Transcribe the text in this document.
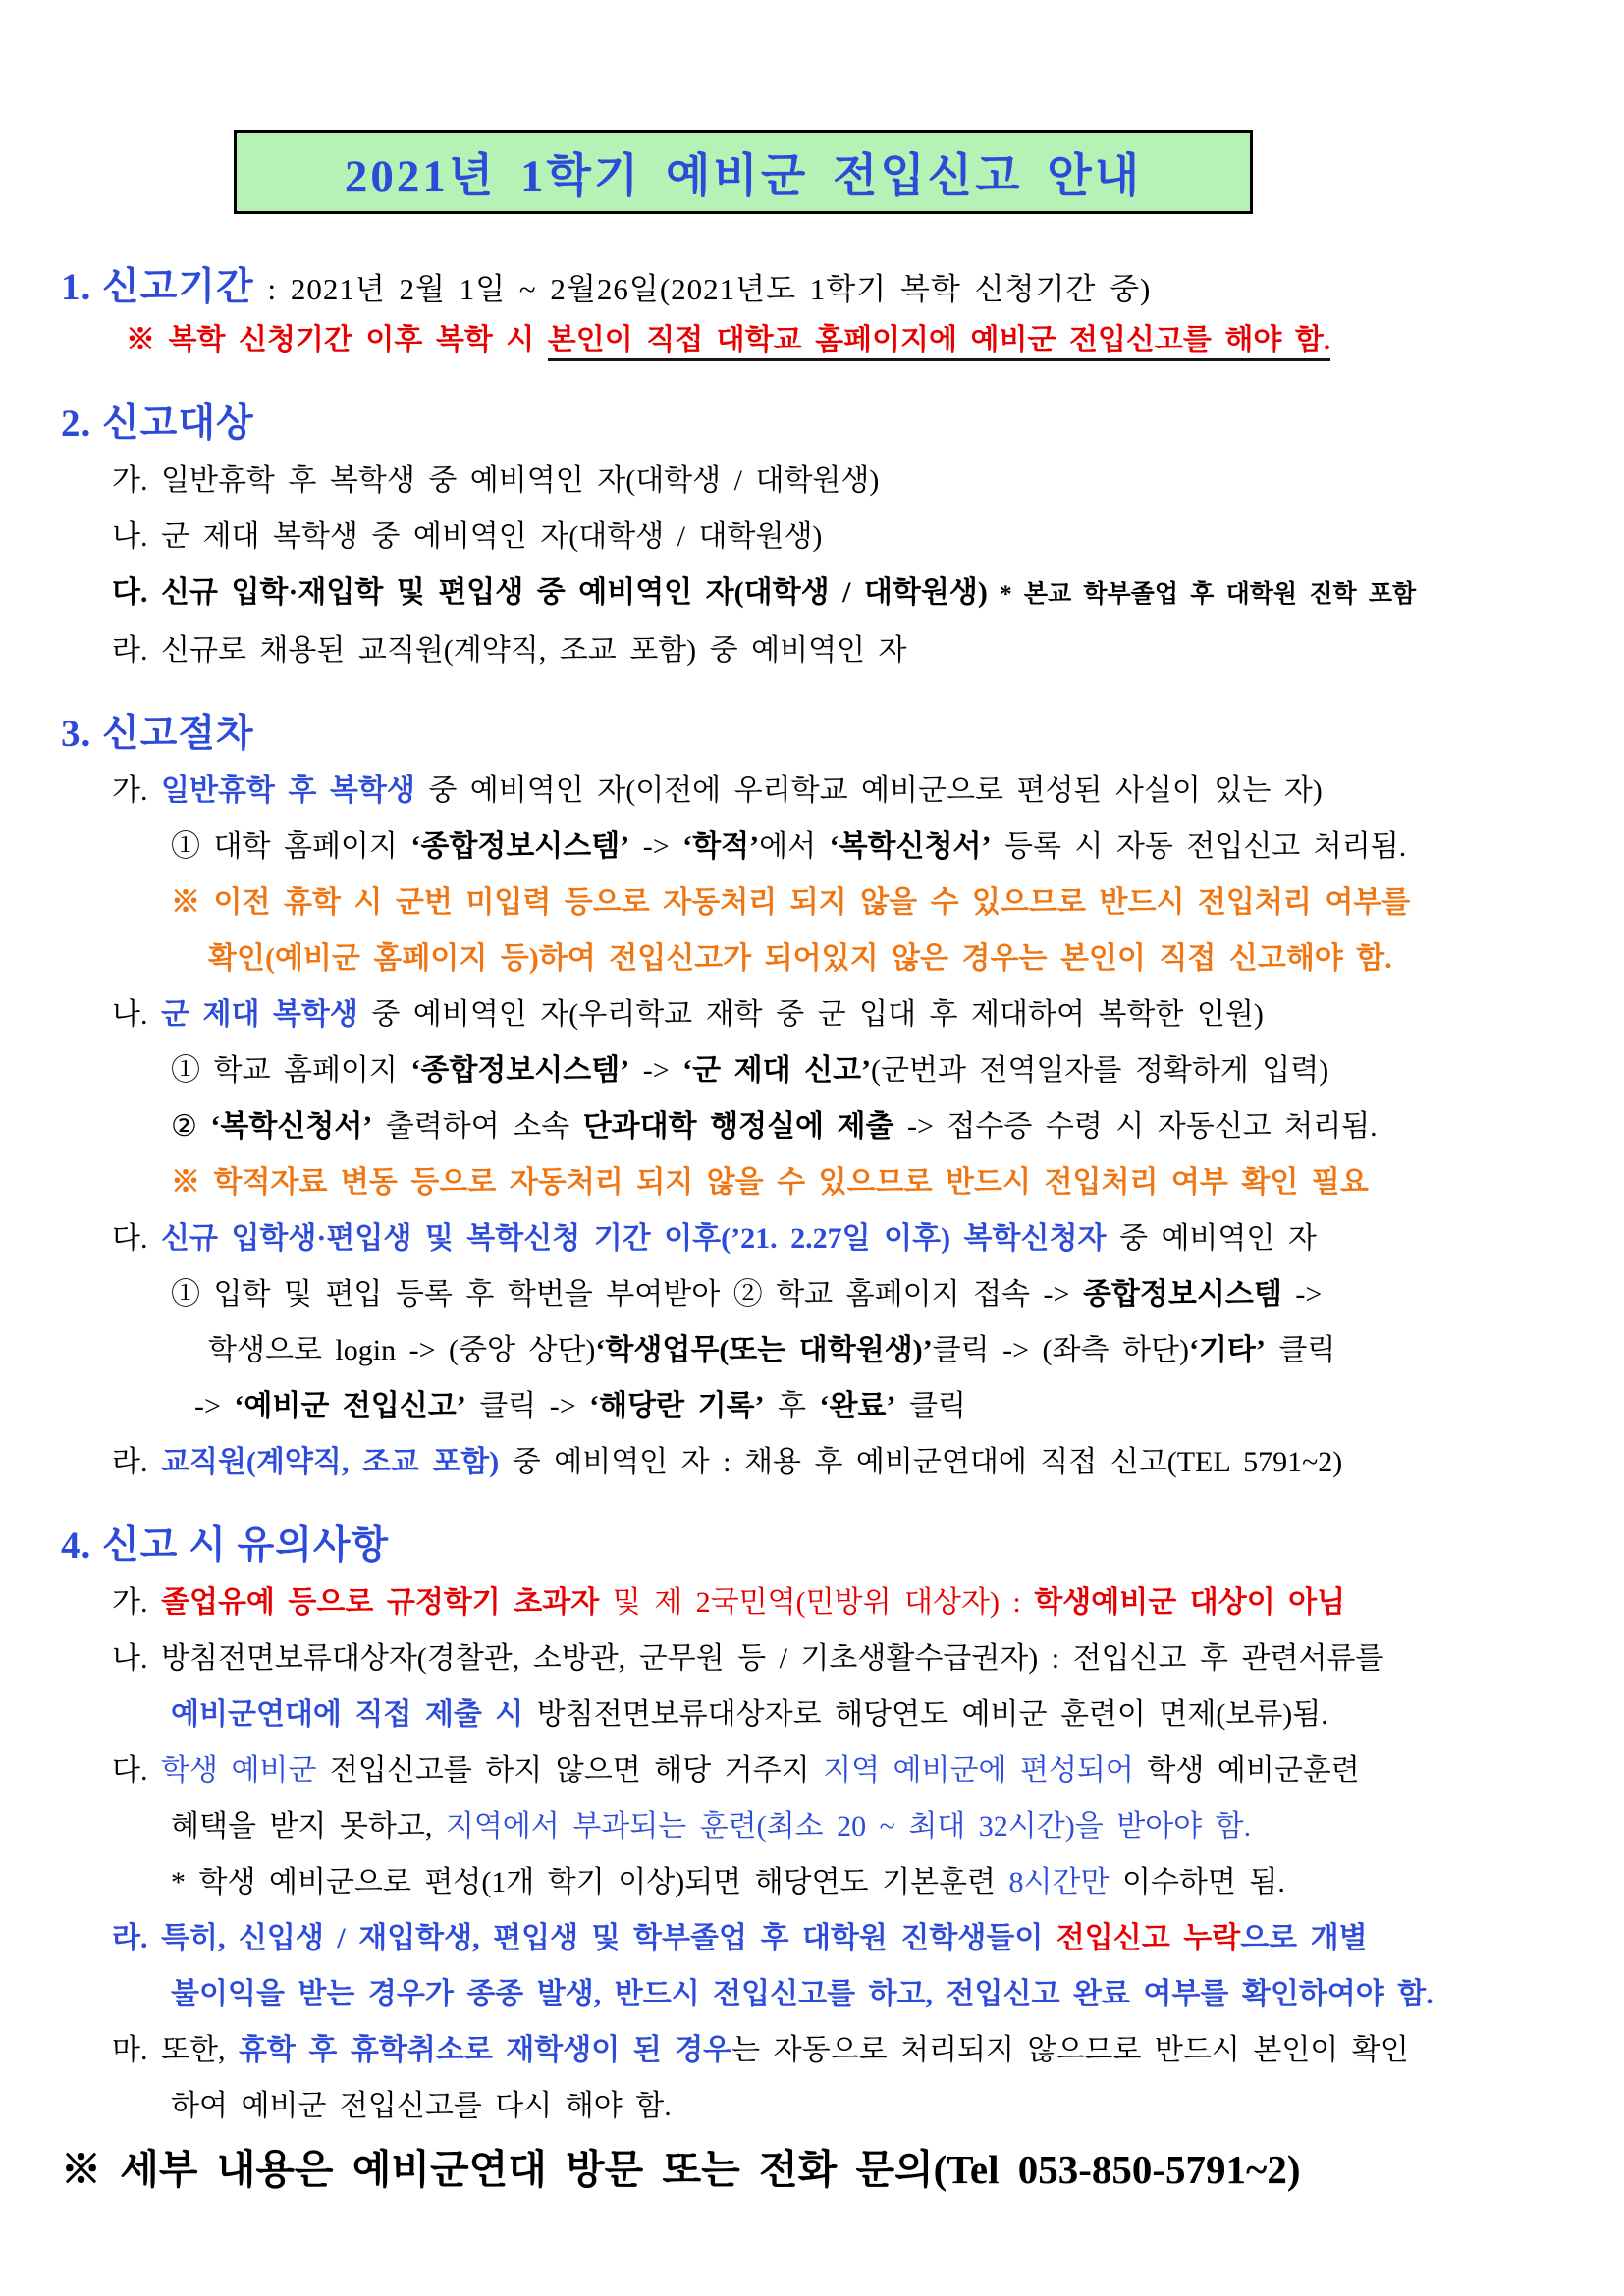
2021년 1학기 예비군 전입신고 안내
1. 신고기간 : 2021년 2월 1일 ~ 2월26일(2021년도 1학기 복학 신청기간 중)
※ 복학 신청기간 이후 복학 시 본인이 직접 대학교 홈페이지에 예비군 전입신고를 해야 함.
2. 신고대상
가. 일반휴학 후 복학생 중 예비역인 자(대학생 / 대학원생)
나. 군 제대 복학생 중 예비역인 자(대학생 / 대학원생)
다. 신규 입학·재입학 및 편입생 중 예비역인 자(대학생 / 대학원생) * 본교 학부졸업 후 대학원 진학 포함
라. 신규로 채용된 교직원(계약직, 조교 포함) 중 예비역인 자
3. 신고절차
가. 일반휴학 후 복학생 중 예비역인 자(이전에 우리학교 예비군으로 편성된 사실이 있는 자)
① 대학 홈페이지 ‘종합정보시스템’ -> ‘학적’에서 ‘복학신청서’ 등록 시 자동 전입신고 처리됨.
※ 이전 휴학 시 군번 미입력 등으로 자동처리 되지 않을 수 있으므로 반드시 전입처리 여부를
확인(예비군 홈페이지 등)하여 전입신고가 되어있지 않은 경우는 본인이 직접 신고해야 함.
나. 군 제대 복학생 중 예비역인 자(우리학교 재학 중 군 입대 후 제대하여 복학한 인원)
① 학교 홈페이지 ‘종합정보시스템’ -> ‘군 제대 신고’(군번과 전역일자를 정확하게 입력)
② ‘복학신청서’ 출력하여 소속 단과대학 행정실에 제출 -> 접수증 수령 시 자동신고 처리됨.
※ 학적자료 변동 등으로 자동처리 되지 않을 수 있으므로 반드시 전입처리 여부 확인 필요
다. 신규 입학생·편입생 및 복학신청 기간 이후(’21. 2.27일 이후) 복학신청자 중 예비역인 자
① 입학 및 편입 등록 후 학번을 부여받아 ② 학교 홈페이지 접속 -> 종합정보시스템 ->
학생으로 login -> (중앙 상단)‘학생업무(또는 대학원생)’클릭 -> (좌측 하단)‘기타’ 클릭
-> ‘예비군 전입신고’ 클릭 -> ‘해당란 기록’ 후 ‘완료’ 클릭
라. 교직원(계약직, 조교 포함) 중 예비역인 자 : 채용 후 예비군연대에 직접 신고(TEL 5791~2)
4. 신고 시 유의사항
가. 졸업유예 등으로 규정학기 초과자 및 제 2국민역(민방위 대상자) : 학생예비군 대상이 아님
나. 방침전면보류대상자(경찰관, 소방관, 군무원 등 / 기초생활수급권자) : 전입신고 후 관련서류를
예비군연대에 직접 제출 시 방침전면보류대상자로 해당연도 예비군 훈련이 면제(보류)됨.
다. 학생 예비군 전입신고를 하지 않으면 해당 거주지 지역 예비군에 편성되어 학생 예비군훈련
혜택을 받지 못하고, 지역에서 부과되는 훈련(최소 20 ~ 최대 32시간)을 받아야 함.
* 학생 예비군으로 편성(1개 학기 이상)되면 해당연도 기본훈련 8시간만 이수하면 됨.
라. 특히, 신입생 / 재입학생, 편입생 및 학부졸업 후 대학원 진학생들이 전입신고 누락으로 개별
불이익을 받는 경우가 종종 발생, 반드시 전입신고를 하고, 전입신고 완료 여부를 확인하여야 함.
마. 또한, 휴학 후 휴학취소로 재학생이 된 경우는 자동으로 처리되지 않으므로 반드시 본인이 확인
하여 예비군 전입신고를 다시 해야 함.
※ 세부 내용은 예비군연대 방문 또는 전화 문의(Tel 053-850-5791~2)
